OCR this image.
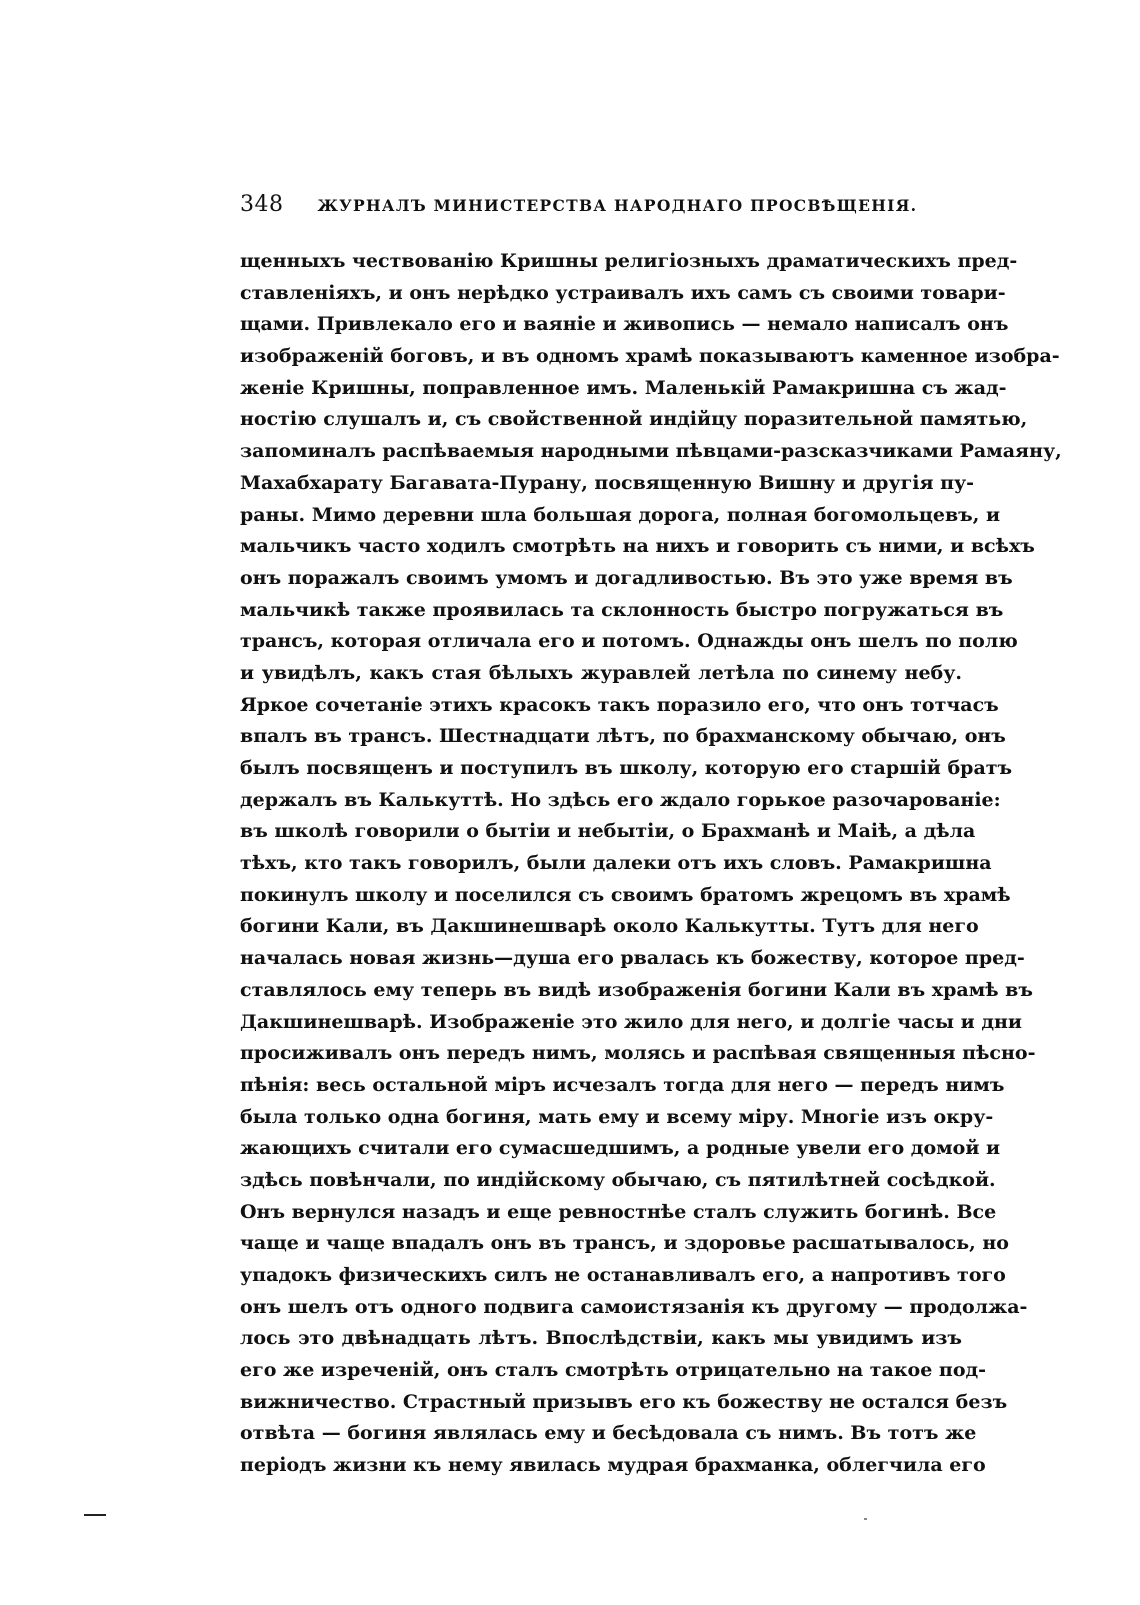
348 ЖУРНАЛЪ МИНИСТЕРСТВА НАРОДНАГО ПРОСВѢЩЕНІЯ.
щенныхъ чествованію Кришны религіозныхъ драматическихъ пред-
ставленіяхъ, и онъ нерѣдко устраивалъ ихъ самъ съ своими товари-
щами. Привлекало его и ваяніе и живопись — немало написалъ онъ
изображеній боговъ, и въ одномъ храмѣ показываютъ каменное изобра-
женіе Кришны, поправленное имъ. Маленькій Рамакришна съ жад-
ностію слушалъ и, съ свойственной индійцу поразительной памятью,
запоминалъ распѣваемыя народными пѣвцами-разсказчиками Рамаяну,
Махабхарату Багавата-Пурану, посвященную Вишну и другія пу-
раны. Мимо деревни шла большая дорога, полная богомольцевъ, и
мальчикъ часто ходилъ смотрѣть на нихъ и говорить съ ними, и всѣхъ
онъ поражалъ своимъ умомъ и догадливостью. Въ это уже время въ
мальчикѣ также проявилась та склонность быстро погружаться въ
трансъ, которая отличала его и потомъ. Однажды онъ шелъ по полю
и увидѣлъ, какъ стая бѣлыхъ журавлей летѣла по синему небу.
Яркое сочетаніе этихъ красокъ такъ поразило его, что онъ тотчасъ
впалъ въ трансъ. Шестнадцати лѣтъ, по брахманскому обычаю, онъ
былъ посвященъ и поступилъ въ школу, которую его старшій братъ
держалъ въ Калькуттѣ. Но здѣсь его ждало горькое разочарованіе:
въ школѣ говорили о бытіи и небытіи, о Брахманѣ и Маіѣ, а дѣла
тѣхъ, кто такъ говорилъ, были далеки отъ ихъ словъ. Рамакришна
покинулъ школу и поселился съ своимъ братомъ жрецомъ въ храмѣ
богини Кали, въ Дакшинешварѣ около Калькутты. Тутъ для него
началась новая жизнь—душа его рвалась къ божеству, которое пред-
ставлялось ему теперь въ видѣ изображенія богини Кали въ храмѣ въ
Дакшинешварѣ. Изображеніе это жило для него, и долгіе часы и дни
просиживалъ онъ передъ нимъ, молясь и распѣвая священныя пѣсно-
пѣнія: весь остальной міръ исчезалъ тогда для него — передъ нимъ
была только одна богиня, мать ему и всему міру. Многіе изъ окру-
жающихъ считали его сумасшедшимъ, а родные увели его домой и
здѣсь повѣнчали, по индійскому обычаю, съ пятилѣтней сосѣдкой.
Онъ вернулся назадъ и еще ревностнѣе сталъ служить богинѣ. Все
чаще и чаще впадалъ онъ въ трансъ, и здоровье расшатывалось, но
упадокъ физическихъ силъ не останавливалъ его, а напротивъ того
онъ шелъ отъ одного подвига самоистязанія къ другому — продолжа-
лось это двѣнадцать лѣтъ. Впослѣдствіи, какъ мы увидимъ изъ
его же изреченій, онъ сталъ смотрѣть отрицательно на такое под-
вижничество. Страстный призывъ его къ божеству не остался безъ
отвѣта — богиня являлась ему и бесѣдовала съ нимъ. Въ тотъ же
періодъ жизни къ нему явилась мудрая брахманка, облегчила его
